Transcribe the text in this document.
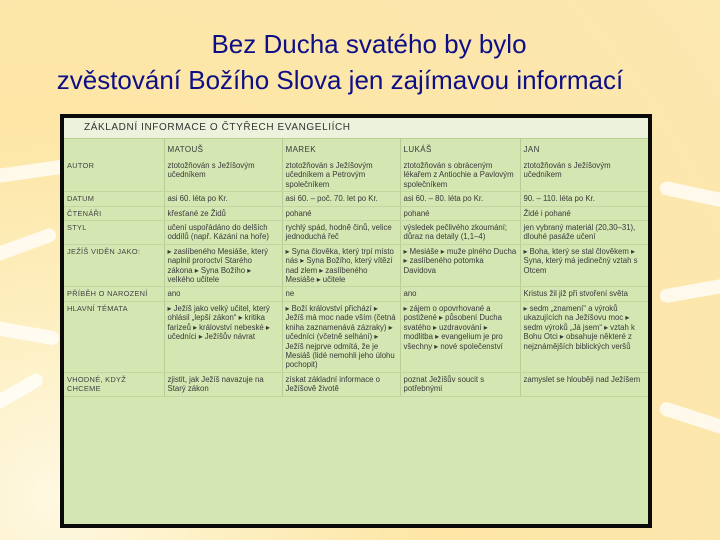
Bez Ducha svatého by bylo
zvěstování Božího Slova jen zajímavou informací
ZÁKLADNÍ INFORMACE O ČTYŘECH EVANGELIÍCH
	MATOUŠ	MAREK	LUKÁŠ	JAN
AUTOR	ztotožňován s Ježíšovým učedníkem	ztotožňován s Ježíšovým učedníkem a Petrovým společníkem	ztotožňován s obráceným lékařem z Antiochie a Pavlovým společníkem	ztotožňován s Ježíšovým učedníkem
DATUM	asi 60. léta po Kr.	asi 60. – poč. 70. let po Kr.	asi 60. – 80. léta po Kr.	90. – 110. léta po Kr.
ČTENÁŘI	křesťané ze Židů	pohané	pohané	Židé i pohané
STYL	učení uspořádáno do delších oddílů (např. Kázání na hoře)	rychlý spád, hodně činů, velice jednoduchá řeč	výsledek pečlivého zkoumání; důraz na detaily (1,1–4)	jen vybraný materiál (20,30–31), dlouhé pasáže učení
JEŽÍŠ VIDĚN JAKO:	▸ zaslíbeného Mesiáše, který naplnil proroctví Starého zákona ▸ Syna Božího ▸ velkého učitele	▸ Syna člověka, který trpí místo nás ▸ Syna Božího, který vítězí nad zlem ▸ zaslíbeného Mesiáše ▸ učitele	▸ Mesiáše ▸ muže plného Ducha ▸ zaslíbeného potomka Davidova	▸ Boha, který se stal člověkem ▸ Syna, který má jedinečný vztah s Otcem
PŘÍBĚH O NAROZENÍ	ano	ne	ano	Kristus žil již při stvoření světa
HLAVNÍ TÉMATA	▸ Ježíš jako velký učitel, který ohlásil „lepší zákon“ ▸ kritika farizeů ▸ království nebeské ▸ učedníci ▸ Ježíšův návrat	▸ Boží království přichází ▸ Ježíš má moc nade vším (četná kniha zaznamenává zázraky) ▸ učedníci (včetně selhání) ▸ Ježíš nejprve odmítá, že je Mesiáš (lidé nemohli jeho úlohu pochopit)	▸ zájem o opovrhované a postižené ▸ působení Ducha svatého ▸ uzdravování ▸ modlitba ▸ evangelium je pro všechny ▸ nové společenství	▸ sedm „znamení“ a výroků ukazujících na Ježíšovu moc ▸ sedm výroků „Já jsem“ ▸ vztah k Bohu Otci ▸ obsahuje některé z nejznámějších biblických veršů
VHODNÉ, KDYŽ CHCEME	zjistit, jak Ježíš navazuje na Starý zákon	získat základní informace o Ježíšově životě	poznat Ježíšův soucit s potřebnými	zamyslet se hlouběji nad Ježíšem
